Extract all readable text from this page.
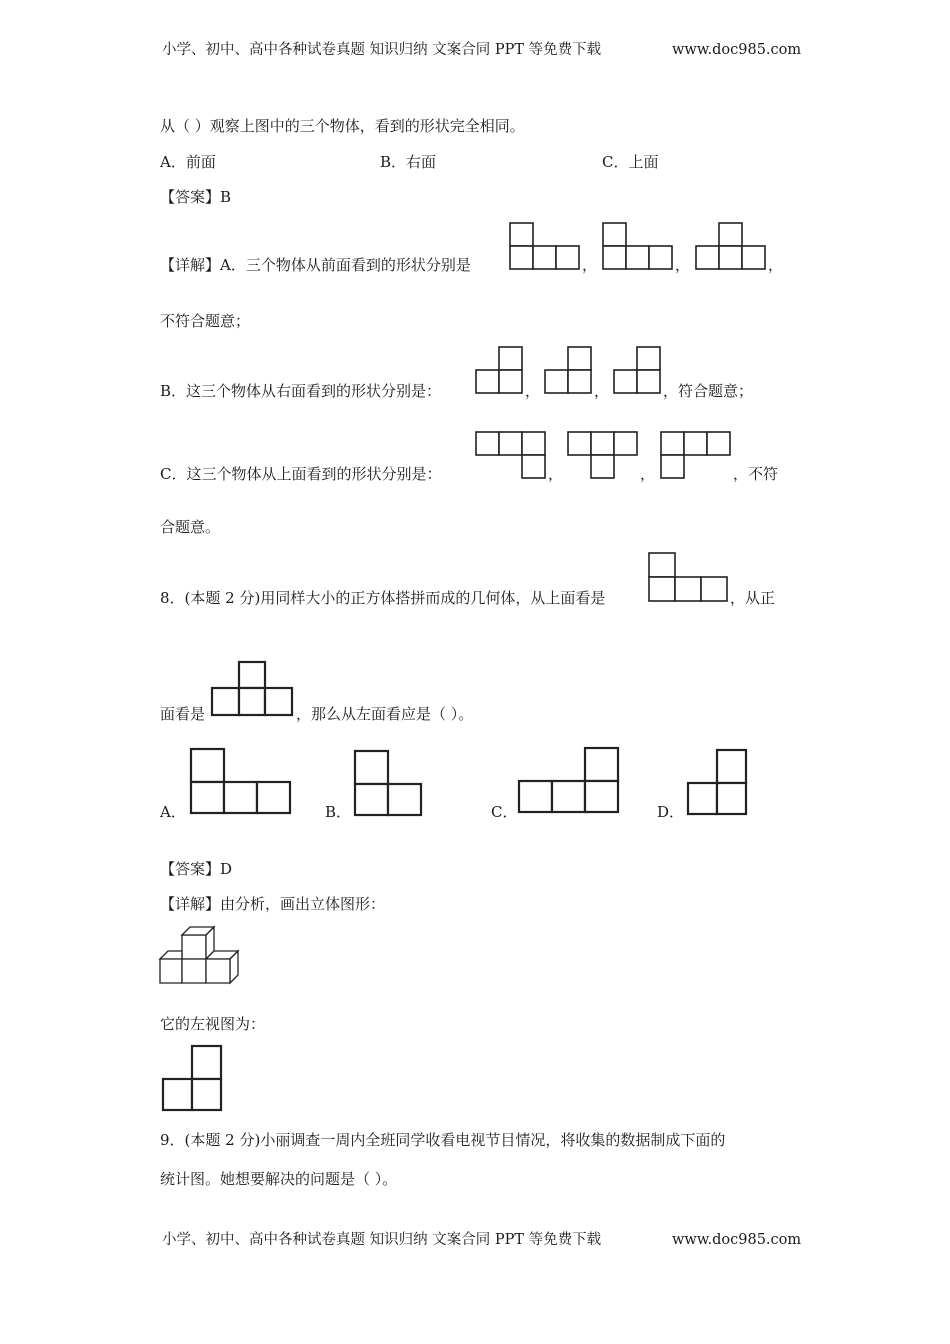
小学、初中、高中各种试卷真题 知识归纳 文案合同 PPT 等免费下载	www.doc985.com
从（ ）观察上图中的三个物体，看到的形状完全相同。
A．前面	B．右面	C．上面
【答案】B
【详解】A．三个物体从前面看到的形状分别是	，	，	，
不符合题意；
B．这三个物体从右面看到的形状分别是：	，	，	，符合题意；
C．这三个物体从上面看到的形状分别是：	，	，	，不符
合题意。
8．(本题 2 分)用同样大小的正方体搭拼而成的几何体，从上面看是	，从正
面看是	，那么从左面看应是（ ）。
A．	B．	C．	D．
【答案】D
【详解】由分析，画出立体图形：
它的左视图为：
9．(本题 2 分)小丽调查一周内全班同学收看电视节目情况，将收集的数据制成下面的
统计图。她想要解决的问题是（ ）。
小学、初中、高中各种试卷真题 知识归纳 文案合同 PPT 等免费下载	www.doc985.com
